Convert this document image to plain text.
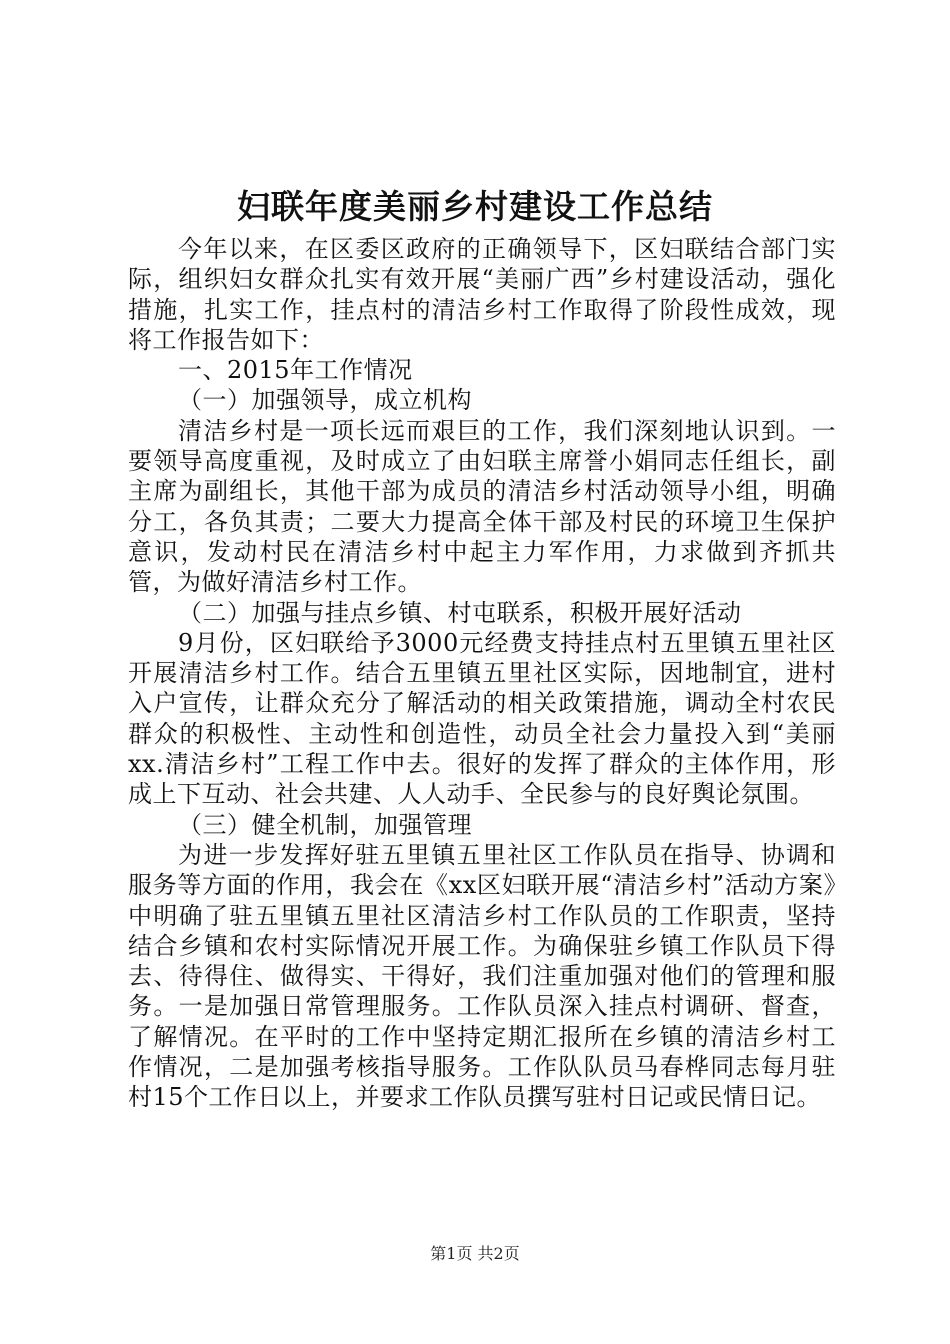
妇联年度美丽乡村建设工作总结

今年以来，在区委区政府的正确领导下，区妇联结合部门实际，组织妇女群众扎实有效开展“美丽广西”乡村建设活动，强化措施，扎实工作，挂点村的清洁乡村工作取得了阶段性成效，现将工作报告如下：

一、2015年工作情况

（一）加强领导，成立机构

清洁乡村是一项长远而艰巨的工作，我们深刻地认识到。一要领导高度重视，及时成立了由妇联主席誉小娟同志任组长，副主席为副组长，其他干部为成员的清洁乡村活动领导小组，明确分工，各负其责；二要大力提高全体干部及村民的环境卫生保护意识，发动村民在清洁乡村中起主力军作用，力求做到齐抓共管，为做好清洁乡村工作。

（二）加强与挂点乡镇、村屯联系，积极开展好活动

9月份，区妇联给予3000元经费支持挂点村五里镇五里社区开展清洁乡村工作。结合五里镇五里社区实际，因地制宜，进村入户宣传，让群众充分了解活动的相关政策措施，调动全村农民群众的积极性、主动性和创造性，动员全社会力量投入到“美丽xx.清洁乡村”工程工作中去。很好的发挥了群众的主体作用，形成上下互动、社会共建、人人动手、全民参与的良好舆论氛围。

（三）健全机制，加强管理

为进一步发挥好驻五里镇五里社区工作队员在指导、协调和服务等方面的作用，我会在《xx区妇联开展“清洁乡村”活动方案》中明确了驻五里镇五里社区清洁乡村工作队员的工作职责，坚持结合乡镇和农村实际情况开展工作。为确保驻乡镇工作队员下得去、待得住、做得实、干得好，我们注重加强对他们的管理和服务。一是加强日常管理服务。工作队员深入挂点村调研、督查，了解情况。在平时的工作中坚持定期汇报所在乡镇的清洁乡村工作情况，二是加强考核指导服务。工作队队员马春桦同志每月驻村15个工作日以上，并要求工作队员撰写驻村日记或民情日记。

第1页 共2页
